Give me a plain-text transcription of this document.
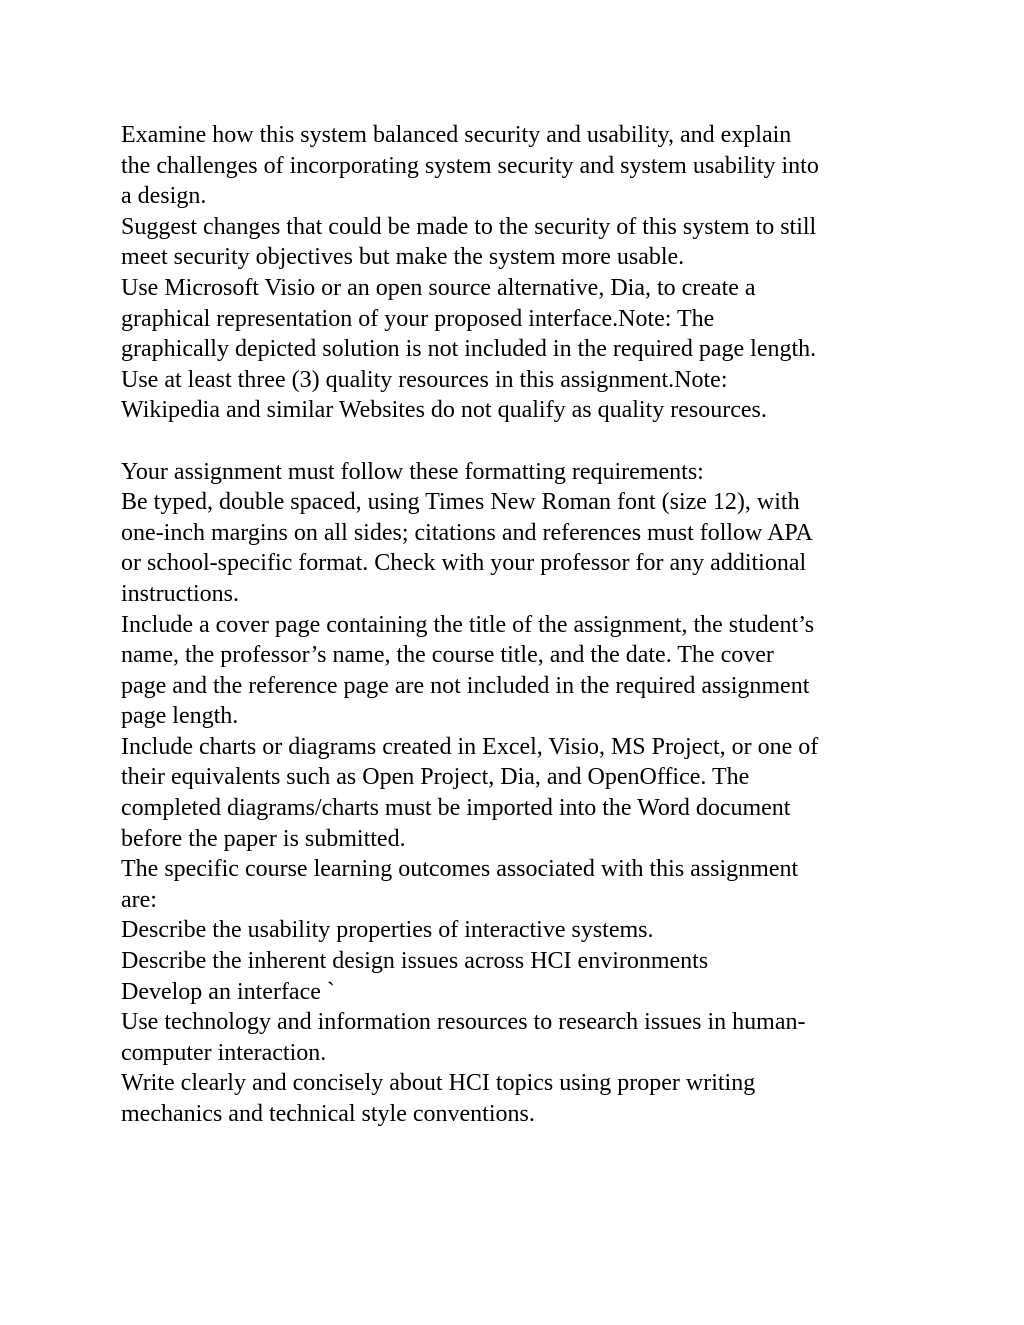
Examine how this system balanced security and usability, and explain
the challenges of incorporating system security and system usability into
a design.
Suggest changes that could be made to the security of this system to still
meet security objectives but make the system more usable.
Use Microsoft Visio or an open source alternative, Dia, to create a
graphical representation of your proposed interface.Note: The
graphically depicted solution is not included in the required page length.
Use at least three (3) quality resources in this assignment.Note:
Wikipedia and similar Websites do not qualify as quality resources.
Your assignment must follow these formatting requirements:
Be typed, double spaced, using Times New Roman font (size 12), with
one-inch margins on all sides; citations and references must follow APA
or school-specific format. Check with your professor for any additional
instructions.
Include a cover page containing the title of the assignment, the student’s
name, the professor’s name, the course title, and the date. The cover
page and the reference page are not included in the required assignment
page length.
Include charts or diagrams created in Excel, Visio, MS Project, or one of
their equivalents such as Open Project, Dia, and OpenOffice. The
completed diagrams/charts must be imported into the Word document
before the paper is submitted.
The specific course learning outcomes associated with this assignment
are:
Describe the usability properties of interactive systems.
Describe the inherent design issues across HCI environments
Develop an interface `
Use technology and information resources to research issues in human-
computer interaction.
Write clearly and concisely about HCI topics using proper writing
mechanics and technical style conventions.
